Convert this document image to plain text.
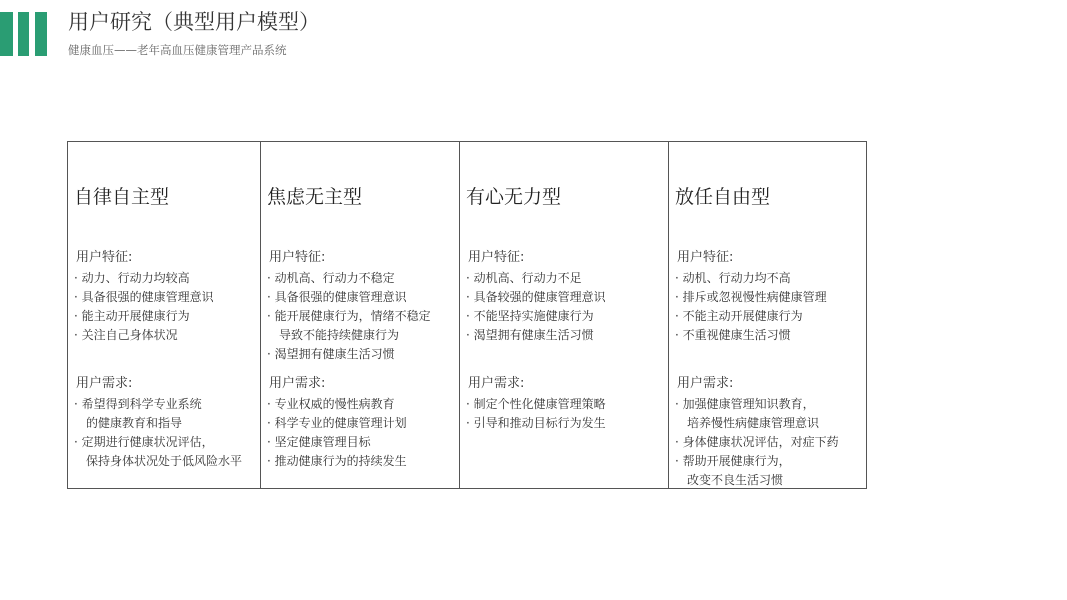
用户研究（典型用户模型）
健康血压——老年高血压健康管理产品系统
自律自主型
用户特征:
· 动力、行动力均较高
· 具备很强的健康管理意识
· 能主动开展健康行为
· 关注自己身体状况
用户需求:
· 希望得到科学专业系统
的健康教育和指导
· 定期进行健康状况评估，
保持身体状况处于低风险水平
焦虑无主型
用户特征:
· 动机高、行动力不稳定
· 具备很强的健康管理意识
· 能开展健康行为，情绪不稳定
导致不能持续健康行为
· 渴望拥有健康生活习惯
用户需求:
· 专业权威的慢性病教育
· 科学专业的健康管理计划
· 坚定健康管理目标
· 推动健康行为的持续发生
有心无力型
用户特征:
· 动机高、行动力不足
· 具备较强的健康管理意识
· 不能坚持实施健康行为
· 渴望拥有健康生活习惯
用户需求:
· 制定个性化健康管理策略
· 引导和推动目标行为发生
放任自由型
用户特征:
· 动机、行动力均不高
· 排斥或忽视慢性病健康管理
· 不能主动开展健康行为
· 不重视健康生活习惯
用户需求:
· 加强健康管理知识教育，
培养慢性病健康管理意识
· 身体健康状况评估，对症下药
· 帮助开展健康行为，
改变不良生活习惯
